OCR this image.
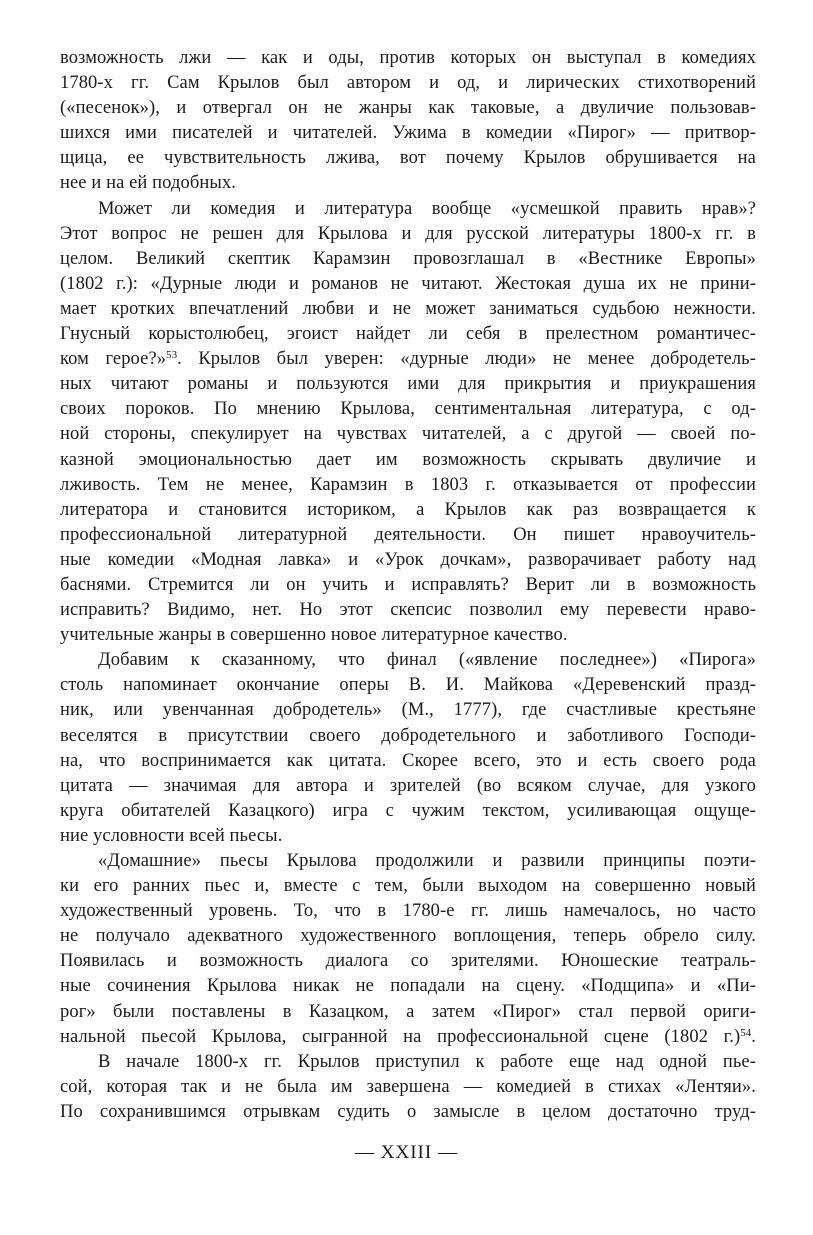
возможность лжи — как и оды, против которых он выступал в комедиях
1780-х гг. Сам Крылов был автором и од, и лирических стихотворений
(«песенок»), и отвергал он не жанры как таковые, а двуличие пользовав-
шихся ими писателей и читателей. Ужима в комедии «Пирог» — притвор-
щица, ее чувствительность лжива, вот почему Крылов обрушивается на
нее и на ей подобных.
Может ли комедия и литература вообще «усмешкой править нрав»?
Этот вопрос не решен для Крылова и для русской литературы 1800-х гг. в
целом. Великий скептик Карамзин провозглашал в «Вестнике Европы»
(1802 г.): «Дурные люди и романов не читают. Жестокая душа их не прини-
мает кротких впечатлений любви и не может заниматься судьбою нежности.
Гнусный корыстолюбец, эгоист найдет ли себя в прелестном романтичес-
ком герое?»$^{53}$. Крылов был уверен: «дурные люди» не менее добродетель-
ных читают романы и пользуются ими для прикрытия и приукрашения
своих пороков. По мнению Крылова, сентиментальная литература, с од-
ной стороны, спекулирует на чувствах читателей, а с другой — своей по-
казной эмоциональностью дает им возможность скрывать двуличие и
лживость. Тем не менее, Карамзин в 1803 г. отказывается от профессии
литератора и становится историком, а Крылов как раз возвращается к
профессиональной литературной деятельности. Он пишет нравоучитель-
ные комедии «Модная лавка» и «Урок дочкам», разворачивает работу над
баснями. Стремится ли он учить и исправлять? Верит ли в возможность
исправить? Видимо, нет. Но этот скепсис позволил ему перевести нраво-
учительные жанры в совершенно новое литературное качество.
Добавим к сказанному, что финал («явление последнее») «Пирога»
столь напоминает окончание оперы В. И. Майкова «Деревенский празд-
ник, или увенчанная добродетель» (М., 1777), где счастливые крестьяне
веселятся в присутствии своего добродетельного и заботливого Господи-
на, что воспринимается как цитата. Скорее всего, это и есть своего рода
цитата — значимая для автора и зрителей (во всяком случае, для узкого
круга обитателей Казацкого) игра с чужим текстом, усиливающая ощуще-
ние условности всей пьесы.
«Домашние» пьесы Крылова продолжили и развили принципы поэти-
ки его ранних пьес и, вместе с тем, были выходом на совершенно новый
художественный уровень. То, что в 1780-е гг. лишь намечалось, но часто
не получало адекватного художественного воплощения, теперь обрело силу.
Появилась и возможность диалога со зрителями. Юношеские театраль-
ные сочинения Крылова никак не попадали на сцену. «Подщипа» и «Пи-
рог» были поставлены в Казацком, а затем «Пирог» стал первой ориги-
нальной пьесой Крылова, сыгранной на профессиональной сцене (1802 г.)$^{54}$.
В начале 1800-х гг. Крылов приступил к работе еще над одной пье-
сой, которая так и не была им завершена — комедией в стихах «Лентяи».
По сохранившимся отрывкам судить о замысле в целом достаточно труд-
— XXIII —
